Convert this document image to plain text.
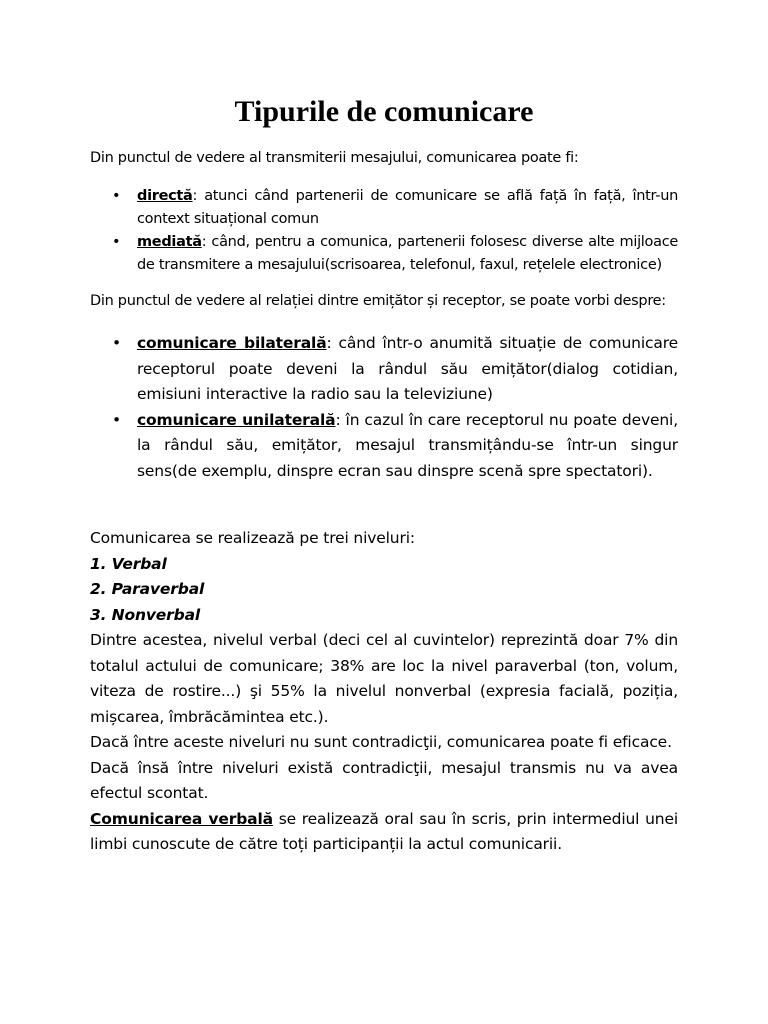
Tipurile de comunicare
Din punctul de vedere al transmiterii mesajului, comunicarea poate fi:
• directă: atunci când partenerii de comunicare se află față în față, într-un context situațional comun
• mediată: când, pentru a comunica, partenerii folosesc diverse alte mijloace de transmitere a mesajului(scrisoarea, telefonul, faxul, rețelele electronice)
Din punctul de vedere al relației dintre emițător și receptor, se poate vorbi despre:
• comunicare bilaterală: când într-o anumită situație de comunicare receptorul poate deveni la rândul său emițător(dialog cotidian, emisiuni interactive la radio sau la televiziune)
• comunicare unilaterală: în cazul în care receptorul nu poate deveni, la rândul său, emițător, mesajul transmițându-se într-un singur sens(de exemplu, dinspre ecran sau dinspre scenă spre spectatori).

Comunicarea se realizează pe trei niveluri:

1. Verbal

2. Paraverbal

3. Nonverbal

Dintre acestea, nivelul verbal (deci cel al cuvintelor) reprezintă doar 7% din totalul actului de comunicare; 38% are loc la nivel paraverbal (ton, volum, viteza de rostire...) şi 55% la nivelul nonverbal (expresia facială, poziția, mișcarea, îmbrăcămintea etc.).

Dacă între aceste niveluri nu sunt contradicţii, comunicarea poate fi eficace.

Dacă însă între niveluri există contradicţii, mesajul transmis nu va avea efectul scontat.

Comunicarea verbală se realizează oral sau în scris, prin intermediul unei limbi cunoscute de către toți participanții la actul comunicarii.
